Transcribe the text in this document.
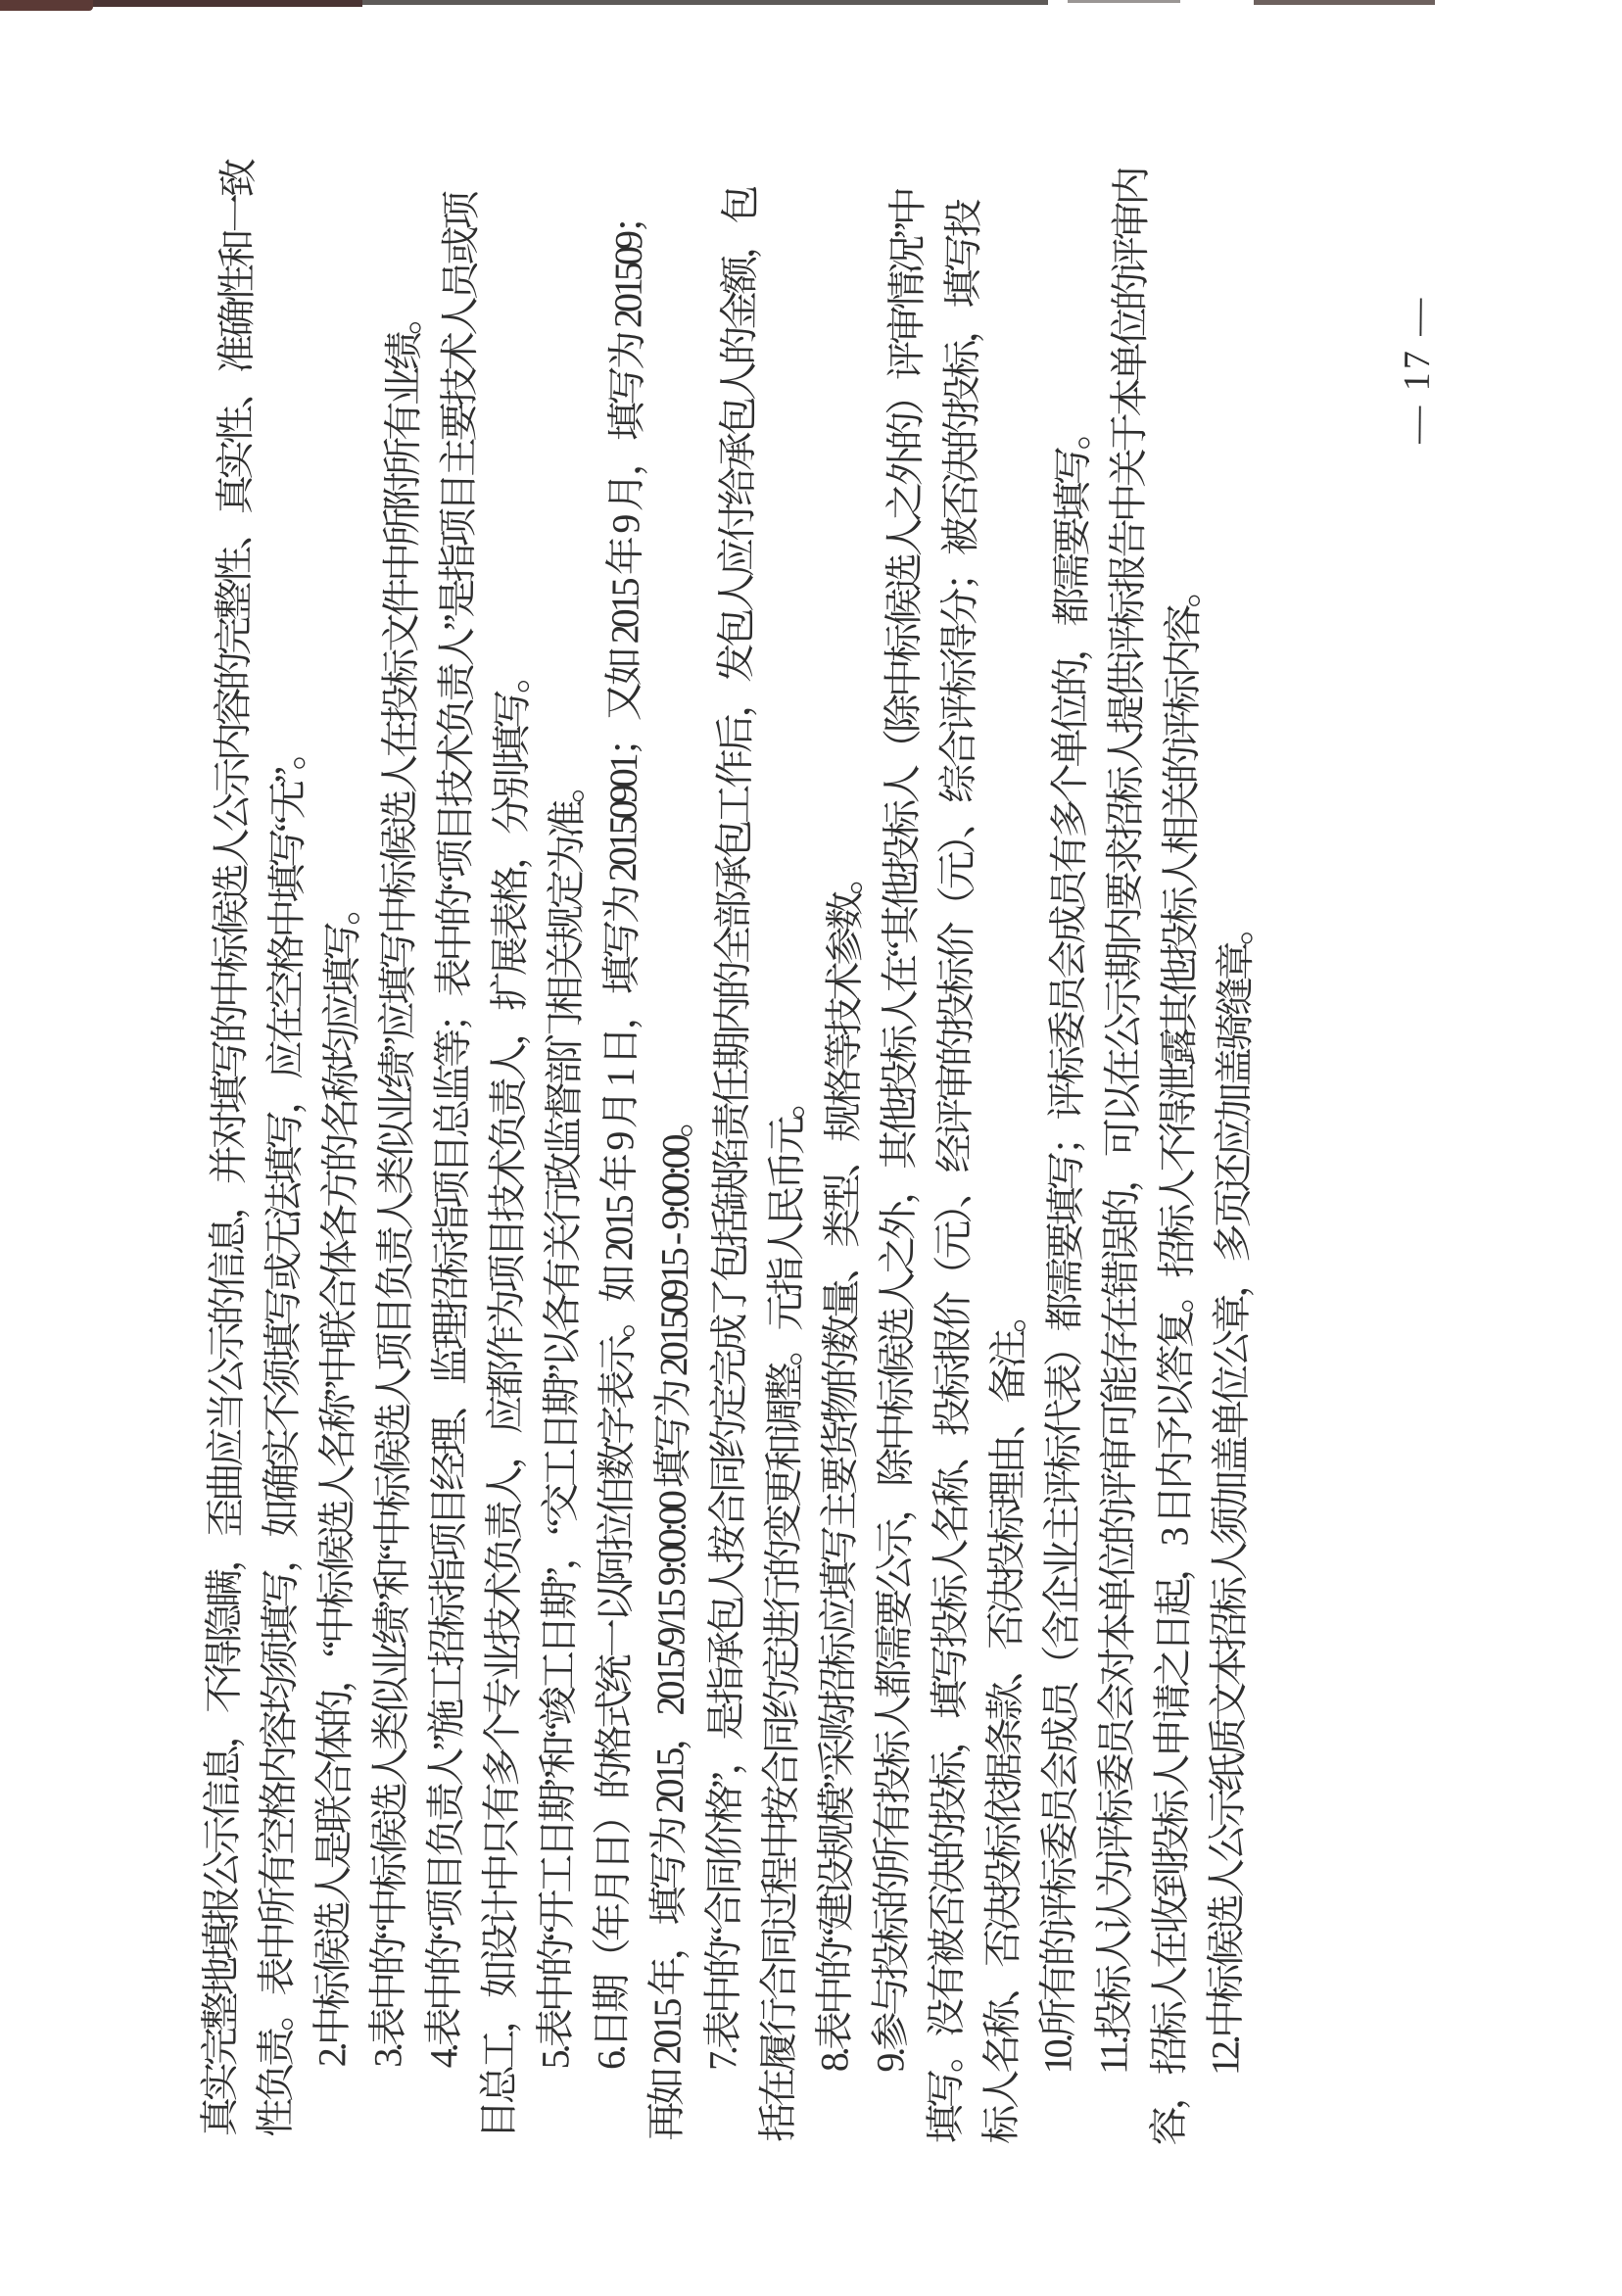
真实完整地填报公示信息，不得隐瞒，歪曲应当公示的信息，并对填写的中标候选人公示内容的完整性、真实性、准确性和一致
性负责。表中所有空格内容均须填写，如确实不须填写或无法填写，应在空格中填写“无”。
2.中标候选人是联合体的，“中标候选人名称”中联合体各方的名称均应填写。 3.表中的“中标候选人类似业绩”和“中标候选人项目负责人类似业绩”应填写中标候选人在投标文件中所附所有业绩。
4.表中的“项目负责人”施工招标指项目经理、监理招标指项目总监等；表中的“项目技术负责人”是指项目主要技术人员或项
目总工，如设计中只有多个专业技术负责人，应都作为项目技术负责人，扩展表格，分别填写。
5.表中的“开工日期”和“竣工日期”，“交工日期”以各有关行政监督部门相关规定为准。 6.日期（年月日）的格式统一以阿拉伯数字表示。如 2015 年 9 月 1 日，填写为 20150901；又如 2015 年 9 月，填写为 201509；
再如 2015 年，填写为 2015，2015/9/15 9:00:00 填写为 20150915 - 9:00:00。 7.表中的“合同价格”，是指承包人按合同约定完成了包括缺陷责任期内的全部承包工作后，发包人应付给承包人的金额，包
括在履行合同过程中按合同约定进行的变更和调整。元指人民币元。 8.表中的“建设规模”采购招标应填写主要货物的数量、类型、规格等技术参数。 9.参与投标的所有投标人都需要公示，除中标候选人之外，其他投标人在“其他投标人（除中标候选人之外的）评审情况”中
填写。没有被否决的投标，填写投标人名称、投标报价（元）、经评审的投标价（元）、综合评标得分；被否决的投标，填写投
标人名称、否决投标依据条款、否决投标理由、备注。 10.所有的评标委员会成员（含企业主评标代表）都需要填写；评标委员会成员有多个单位的，都需要填写。
11.投标人认为评标委员会对本单位的评审可能存在错误的，可以在公示期内要求招标人提供评标报告中关于本单位的评审内
容，招标人在收到投标人申请之日起，3 日内予以答复。招标人不得泄露其他投标人相关的评标内容。
12.中标候选人公示纸质文本招标人须加盖单位公章，多页还应加盖骑缝章。
— 17 —
